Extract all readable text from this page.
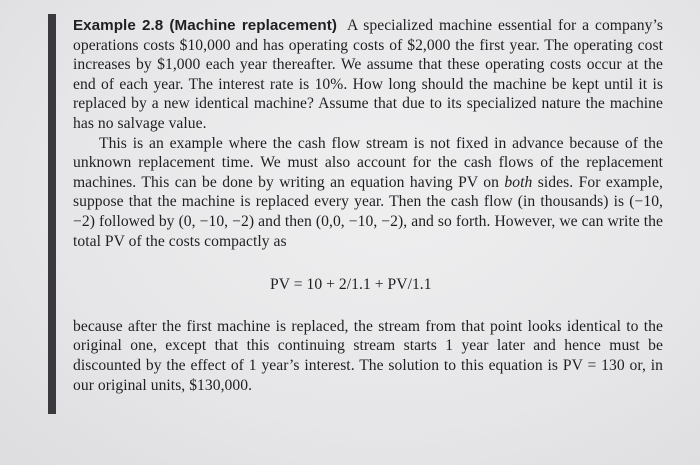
Example 2.8 (Machine replacement) A specialized machine essential for a company’s operations costs $10,000 and has operating costs of $2,000 the first year. The operating cost increases by $1,000 each year thereafter. We assume that these operating costs occur at the end of each year. The interest rate is 10%. How long should the machine be kept until it is replaced by a new identical machine? Assume that due to its specialized nature the machine has no salvage value.

This is an example where the cash flow stream is not fixed in advance because of the unknown replacement time. We must also account for the cash flows of the replacement machines. This can be done by writing an equation having PV on both sides. For example, suppose that the machine is replaced every year. Then the cash flow (in thousands) is (−10, −2) followed by (0, −10, −2) and then (0,0, −10, −2), and so forth. However, we can write the total PV of the costs compactly as

PV = 10 + 2/1.1 + PV/1.1

because after the first machine is replaced, the stream from that point looks identical to the original one, except that this continuing stream starts 1 year later and hence must be discounted by the effect of 1 year’s interest. The solution to this equation is PV = 130 or, in our original units, $130,000.
